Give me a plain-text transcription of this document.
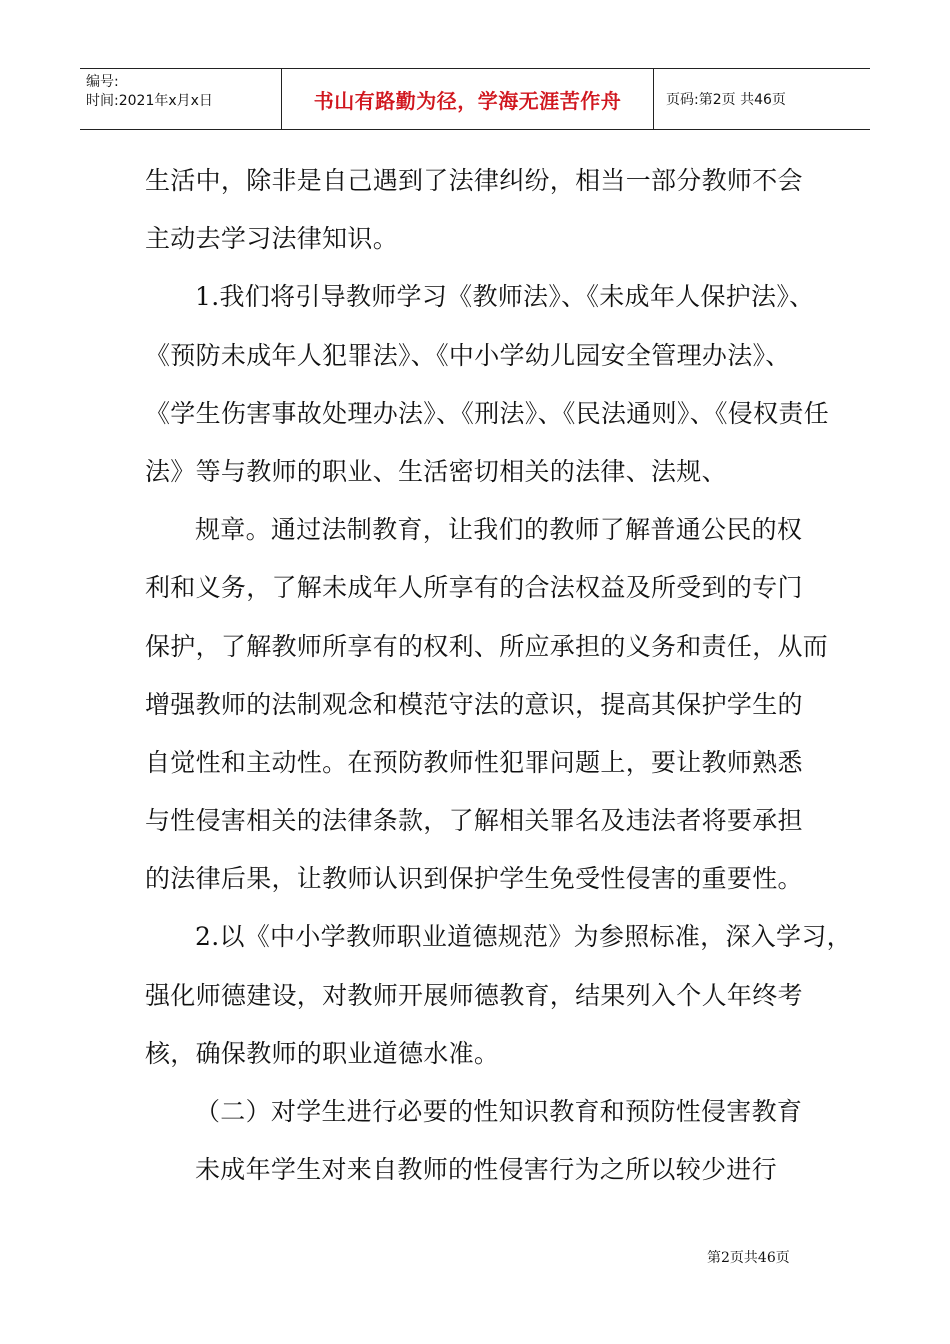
编号:
时间:2021年x月x日	书山有路勤为径，学海无涯苦作舟	页码:第2页 共46页
生活中，除非是自己遇到了法律纠纷，相当一部分教师不会
主动去学习法律知识。
1.我们将引导教师学习《教师法》、《未成年人保护法》、
《预防未成年人犯罪法》、《中小学幼儿园安全管理办法》、
《学生伤害事故处理办法》、《刑法》、《民法通则》、《侵权责任
法》等与教师的职业、生活密切相关的法律、法规、
规章。通过法制教育，让我们的教师了解普通公民的权
利和义务，了解未成年人所享有的合法权益及所受到的专门
保护，了解教师所享有的权利、所应承担的义务和责任，从而
增强教师的法制观念和模范守法的意识，提高其保护学生的
自觉性和主动性。在预防教师性犯罪问题上，要让教师熟悉
与性侵害相关的法律条款，了解相关罪名及违法者将要承担
的法律后果，让教师认识到保护学生免受性侵害的重要性。
2.以《中小学教师职业道德规范》为参照标准，深入学习，
强化师德建设，对教师开展师德教育，结果列入个人年终考
核，确保教师的职业道德水准。
（二）对学生进行必要的性知识教育和预防性侵害教育
未成年学生对来自教师的性侵害行为之所以较少进行
第2页共46页
